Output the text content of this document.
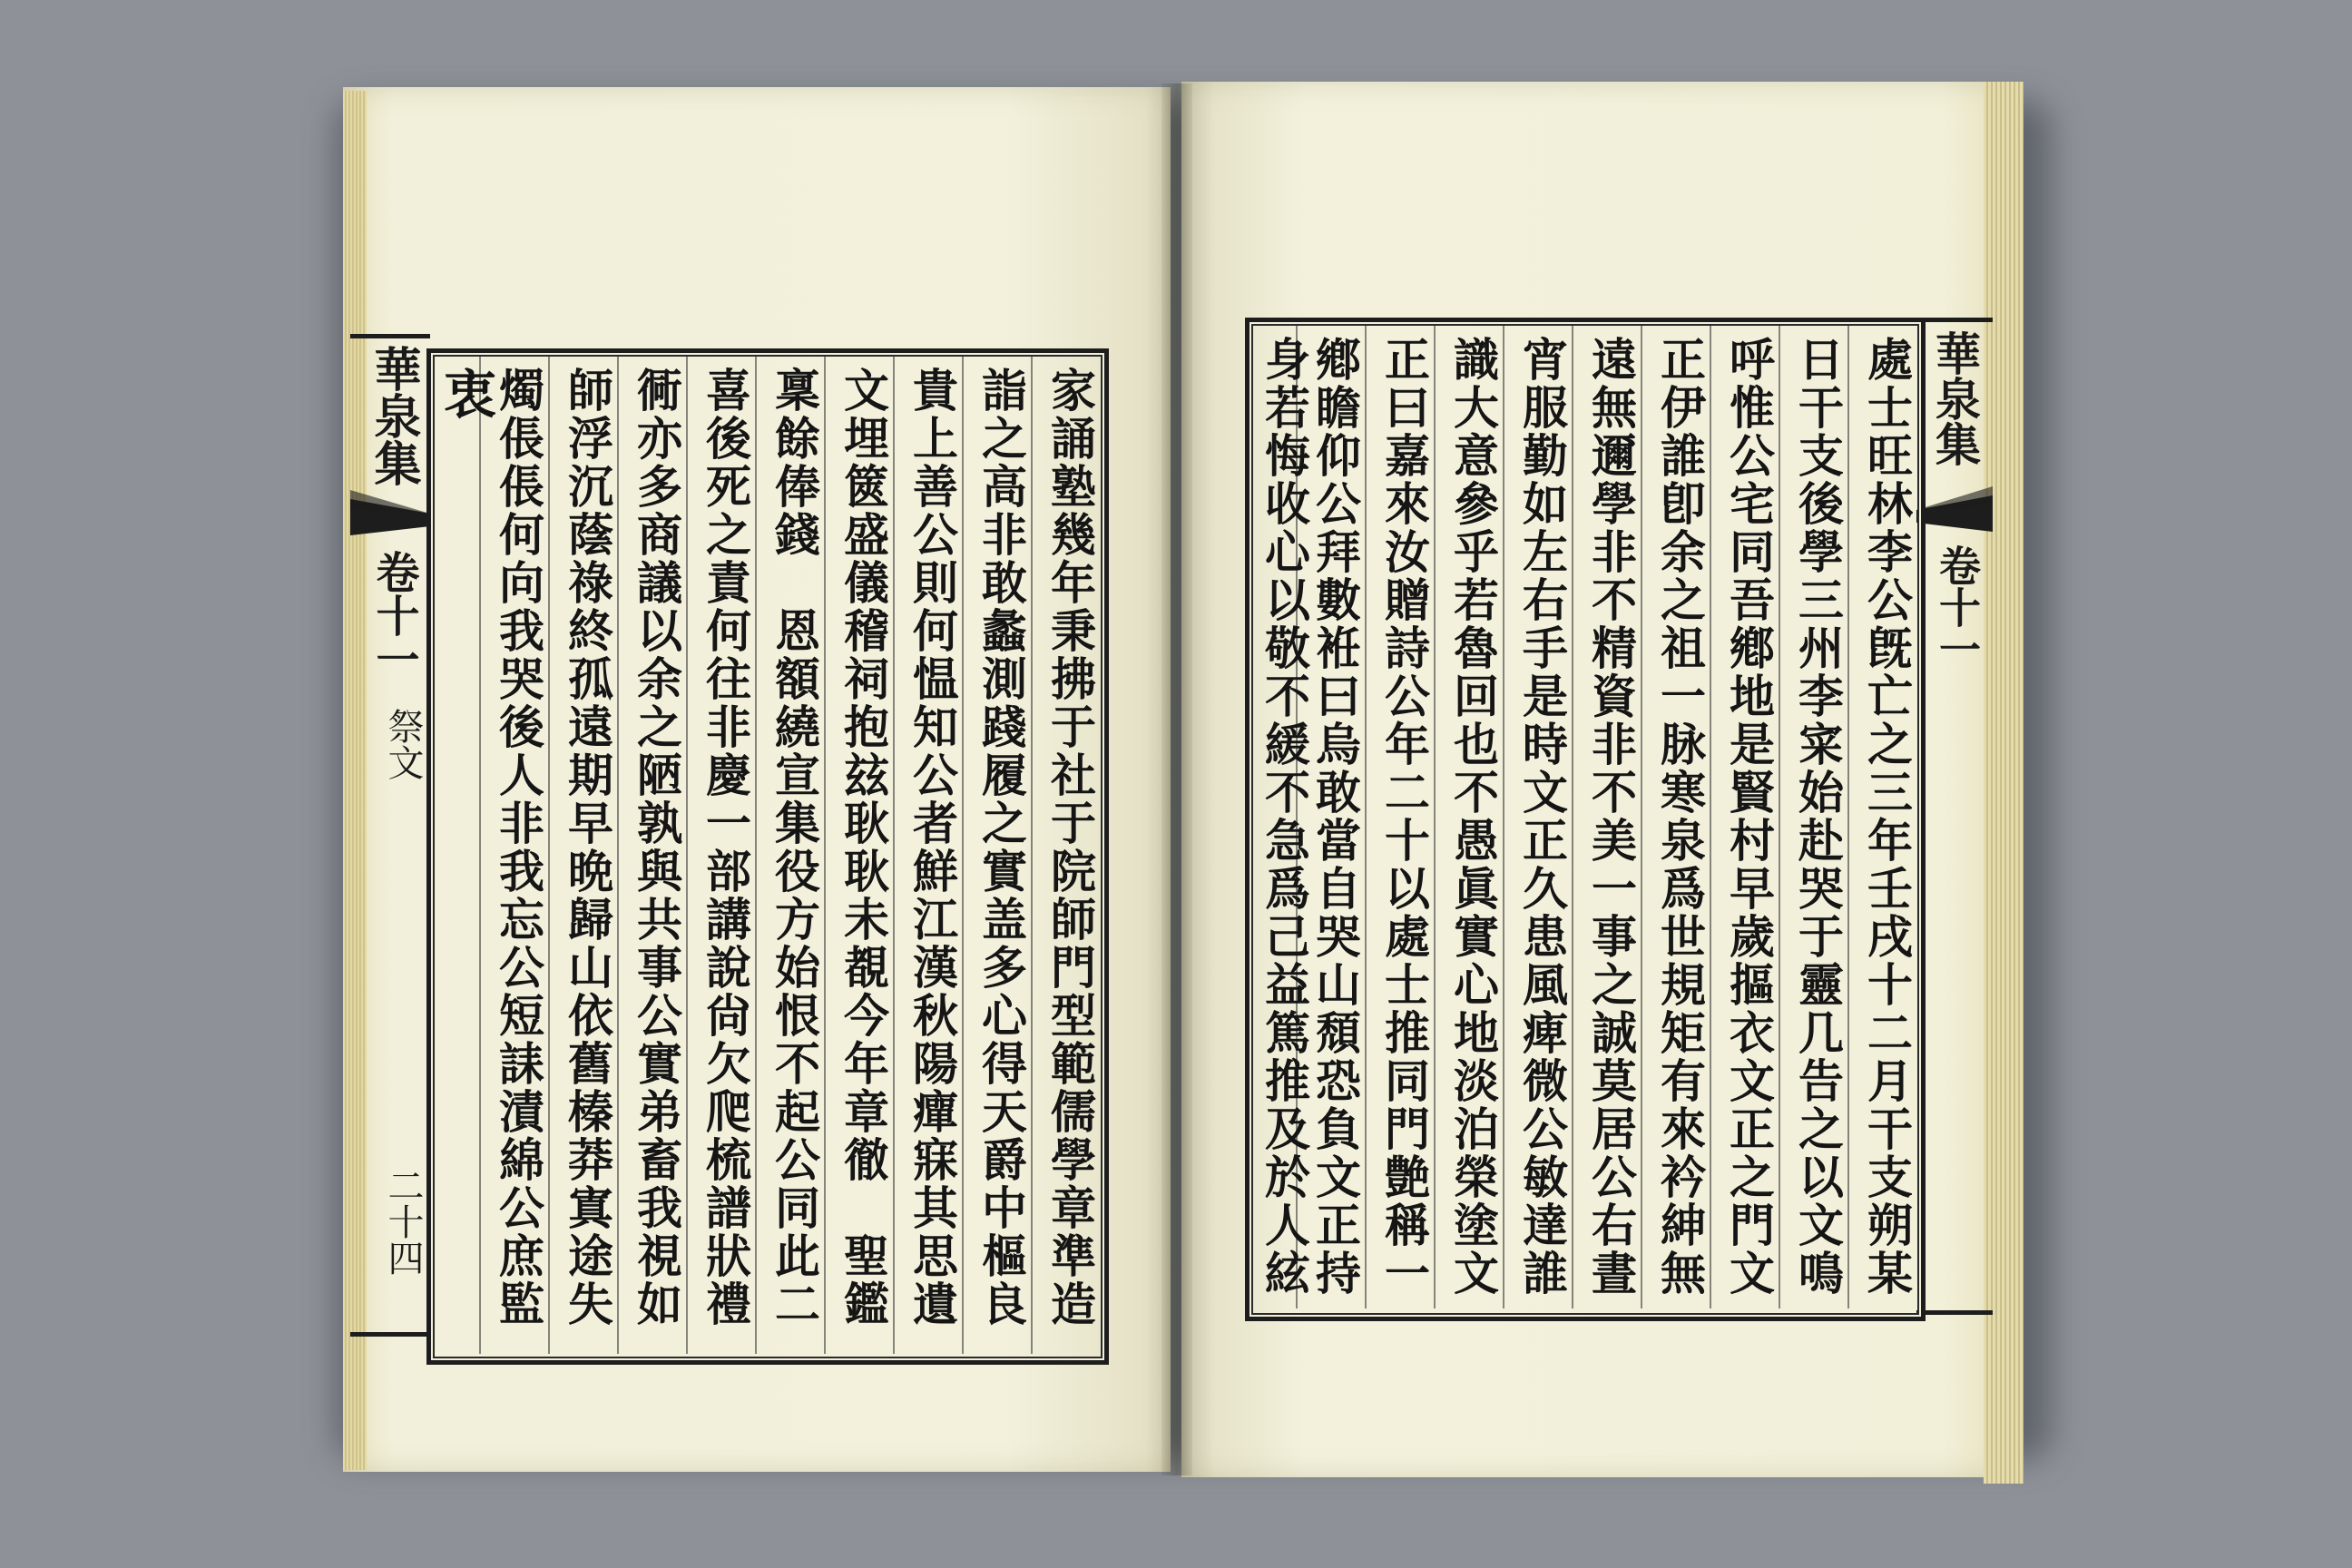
華泉集
卷十一
祭文
二十四
華泉集
卷十一
家誦塾幾年秉拂于社于院師門型範儒學章準造
詣之高非敢蠡測踐履之實盖多心得天爵中樞良
貴上善公則何愠知公者鮮江漢秋陽癉寐其思遺
文埋篋盛儀稽祠抱玆耿耿未覩今年章徹　聖鑑
稟餘俸錢　恩額繞宣集役方始恨不起公同此二
喜後死之責何往非慶一部講說尙欠爬梳譜狀禮
衕亦多商議以余之陋孰與共事公實弟畜我視如
師浮沉蔭祿終孤遠期早晩歸山依舊榛莽寘途失
燭倀倀何向我哭後人非我忘公短誄漬綿公庶監
衷	處士旺林李公旣亡之三年壬戌十二月干支朔某
日干支後學三州李寀始赴哭于靈几告之以文鳴
呼惟公宅同吾鄕地是賢村早歲摳衣文正之門文
正伊誰卽余之祖一脉寒泉爲世規矩有來衿紳無
遠無邇學非不精資非不美一事之誠莫居公右晝
宵服勤如左右手是時文正久患風痺微公敏達誰
識大意參乎若魯回也不愚眞實心地淡泊榮塗文
正曰嘉來汝贈詩公年二十以處士推同門艶稱一
鄕瞻仰公拜數袵曰烏敢當自哭山頹恐負文正持
身若悔收心以敬不緩不急爲己益篤推及於人絃
